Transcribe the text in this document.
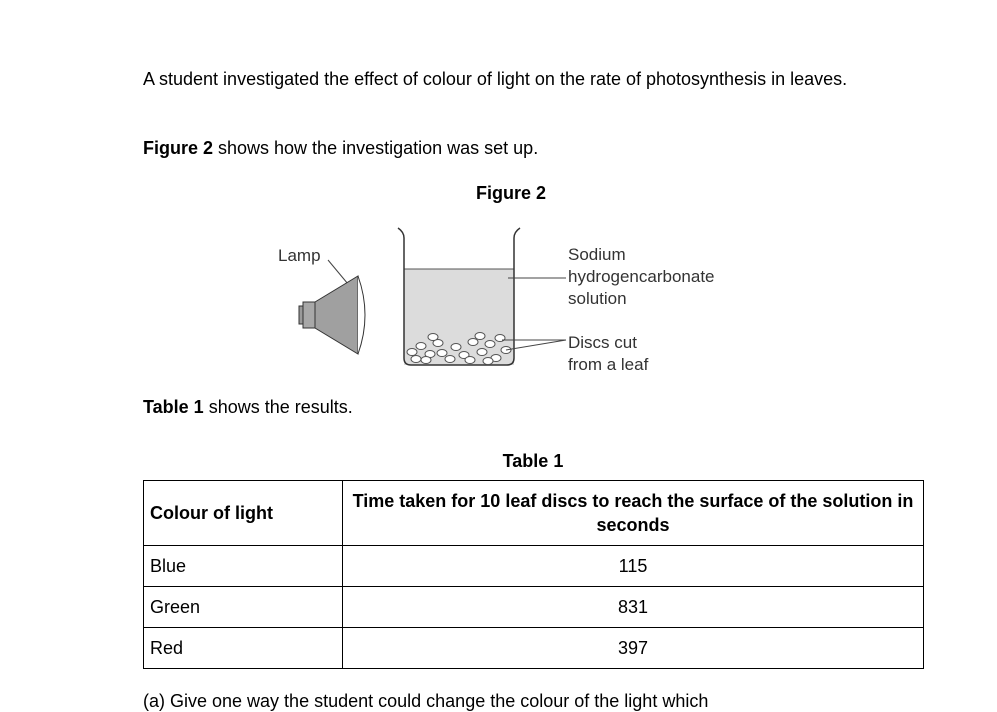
A student investigated the effect of colour of light on the rate of photosynthesis in leaves.

Figure 2 shows how the investigation was set up.

Figure 2
Lamp	Sodium
hydrogencarbonate
solution
Discs cut
from a leaf

Table 1 shows the results.

Table 1
Colour of light	Time taken for 10 leaf discs to reach the surface of the solution in seconds
Blue	115
Green	831
Red	397
(a) Give one way the student could change the colour of the light which
